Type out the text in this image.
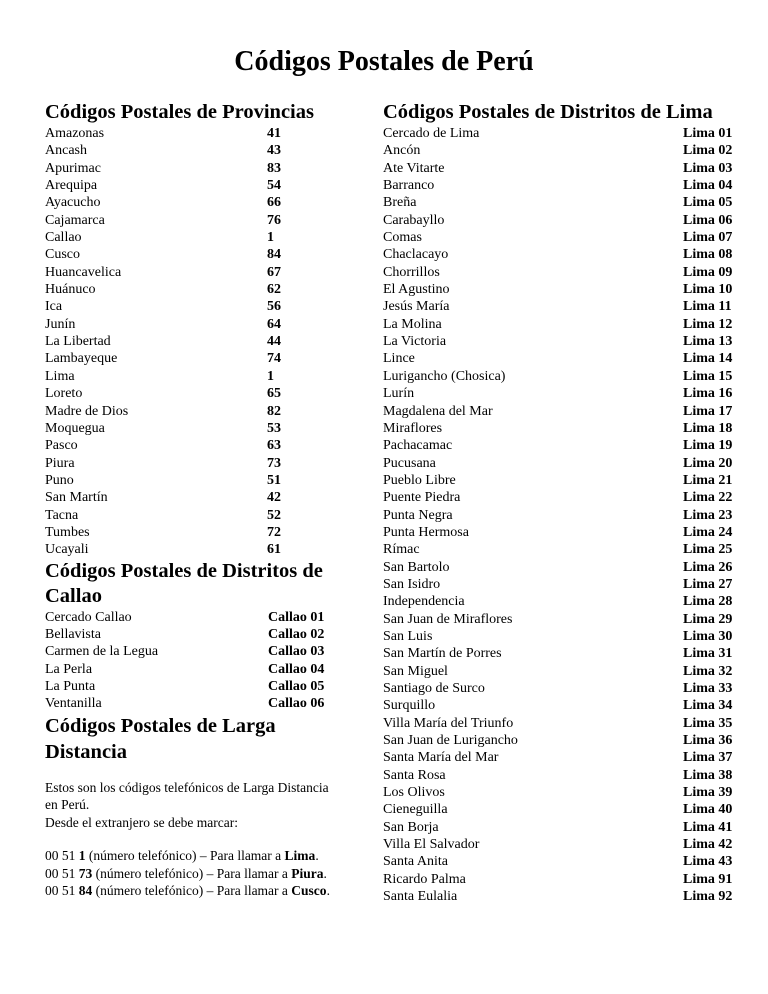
Códigos Postales de Perú
Códigos Postales de Provincias
Amazonas	41
Ancash	43
Apurimac	83
Arequipa	54
Ayacucho	66
Cajamarca	76
Callao	1
Cusco	84
Huancavelica	67
Huánuco	62
Ica	56
Junín	64
La Libertad	44
Lambayeque	74
Lima	1
Loreto	65
Madre de Dios	82
Moquegua	53
Pasco	63
Piura	73
Puno	51
San Martín	42
Tacna	52
Tumbes	72
Ucayali	61
Códigos Postales de Distritos de
Callao
Cercado Callao	Callao 01
Bellavista	Callao 02
Carmen de la Legua	Callao 03
La Perla	Callao 04
La Punta	Callao 05
Ventanilla	Callao 06
Códigos Postales de Larga
Distancia

Estos son los códigos telefónicos de Larga Distancia
en Perú.
Desde el extranjero se debe marcar:

00 51 1 (número telefónico) – Para llamar a Lima.
00 51 73 (número telefónico) – Para llamar a Piura.
00 51 84 (número telefónico) – Para llamar a Cusco.
Códigos Postales de Distritos de Lima
Cercado de Lima	Lima 01
Ancón	Lima 02
Ate Vitarte	Lima 03
Barranco	Lima 04
Breña	Lima 05
Carabayllo	Lima 06
Comas	Lima 07
Chaclacayo	Lima 08
Chorrillos	Lima 09
El Agustino	Lima 10
Jesús María	Lima 11
La Molina	Lima 12
La Victoria	Lima 13
Lince	Lima 14
Lurigancho (Chosica)	Lima 15
Lurín	Lima 16
Magdalena del Mar	Lima 17
Miraflores	Lima 18
Pachacamac	Lima 19
Pucusana	Lima 20
Pueblo Libre	Lima 21
Puente Piedra	Lima 22
Punta Negra	Lima 23
Punta Hermosa	Lima 24
Rímac	Lima 25
San Bartolo	Lima 26
San Isidro	Lima 27
Independencia	Lima 28
San Juan de Miraflores	Lima 29
San Luis	Lima 30
San Martín de Porres	Lima 31
San Miguel	Lima 32
Santiago de Surco	Lima 33
Surquillo	Lima 34
Villa María del Triunfo	Lima 35
San Juan de Lurigancho	Lima 36
Santa María del Mar	Lima 37
Santa Rosa	Lima 38
Los Olivos	Lima 39
Cieneguilla	Lima 40
San Borja	Lima 41
Villa El Salvador	Lima 42
Santa Anita	Lima 43
Ricardo Palma	Lima 91
Santa Eulalia	Lima 92
